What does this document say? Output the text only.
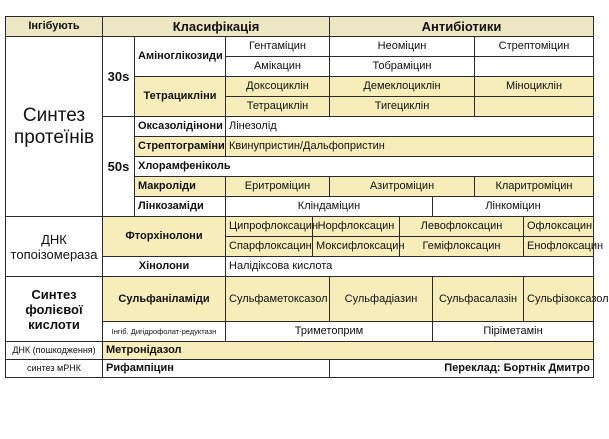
Інгібують	Класифікація				Антибіотики				
Синтез протеїнів	30s	Аміноглікозиди	Гентаміцин		Неоміцин			Стрептоміцин	
			Амікацин		Тобраміцин				
		Тетрацикліни	Доксоциклін		Демеклоциклін			Міноциклін	
			Тетрациклін		Тигециклін				
	50s	Оксазолідінони	Лінезолід						
		Стрептограміни	Квинупристин/Дальфопристин						
		Хлорамфеніколь							
		Макроліди	Еритроміцин		Азитроміцин			Кларитроміцин	
		Лінкозаміди	Кліндаміцин				Лінкоміцин		
ДНК топоізомераза	Фторхінолони		Ципрофлоксацин	Норфлоксацин		Левофлоксацин			Офлоксацин
			Спарфлоксацин	Моксифлоксацин		Геміфлоксацин			Енофлоксацин
	Хінолони		Налідіксова кислота						
Синтез фолієвої кислоти	Сульфаніламіди		Сульфаметоксазол		Сульфадіазин		Сульфасалазін		Сульфізоксазол
	Інгіб. Дигідрофолат-редуктазн		Триметоприм				Піріметамін		
ДНК (пошкодження)	Метронідазол								
синтез мРНК	Рифампіцин				Переклад: Бортнік Дмитро				
